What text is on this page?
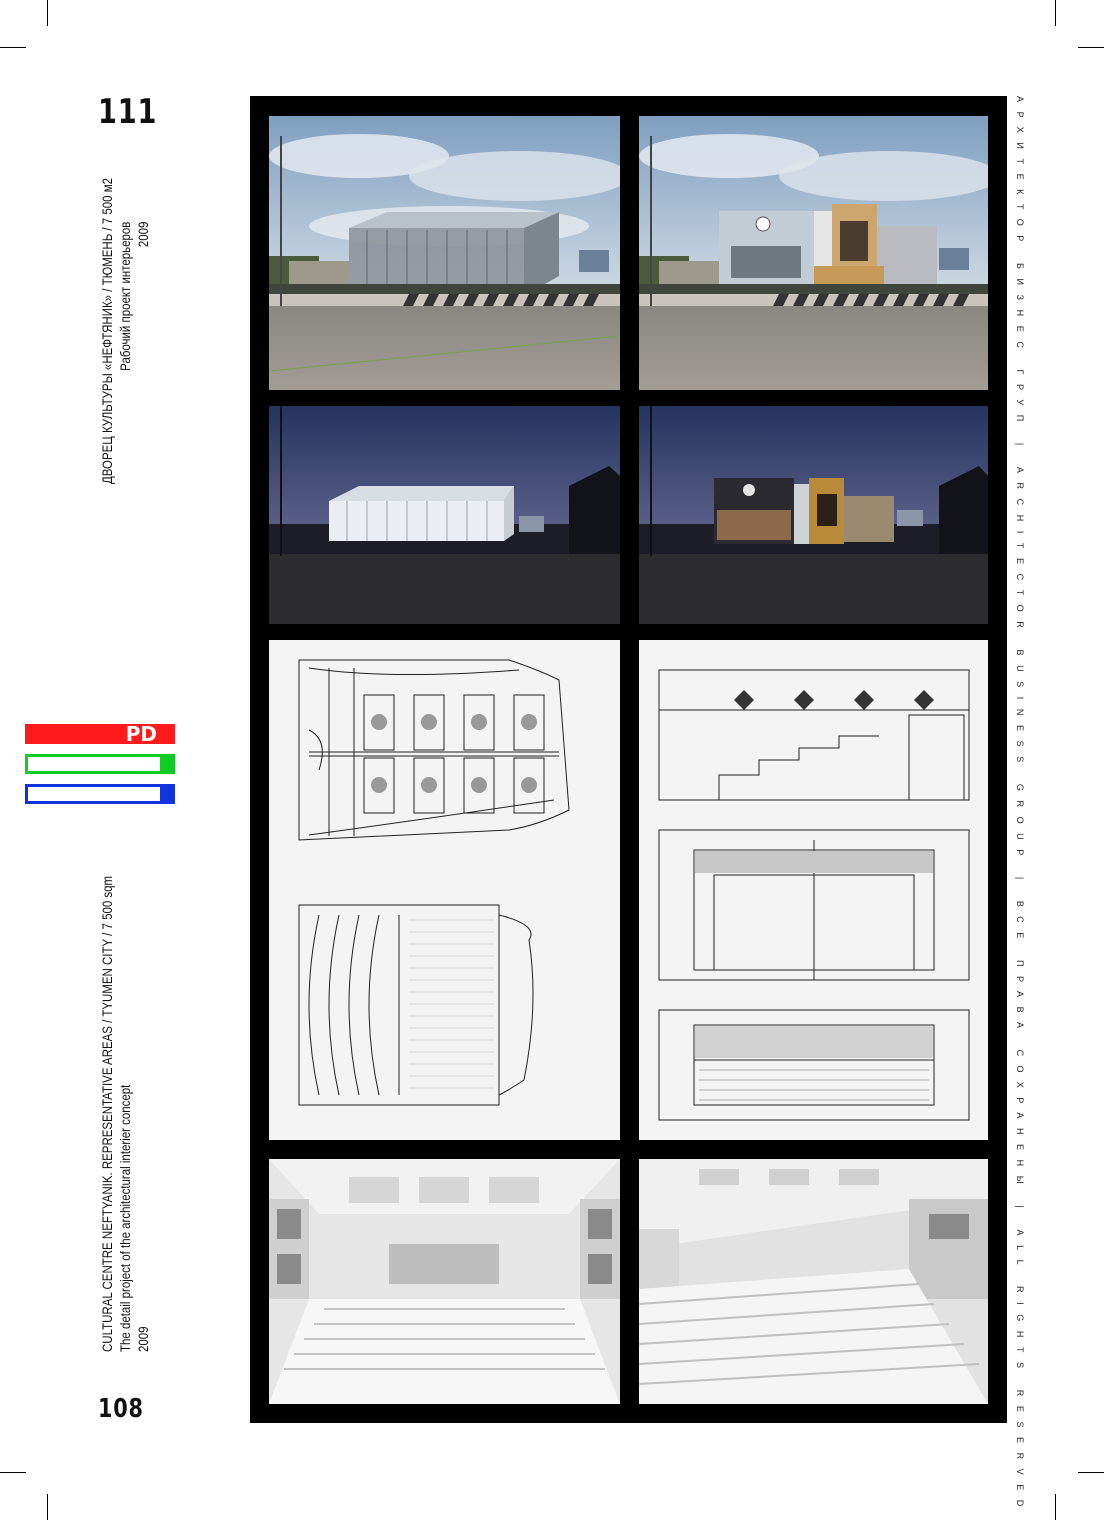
111
ДВОРЕЦ КУЛЬТУРЫ «НЕФТЯНИК» / ТЮМЕНЬ / 7 500 м2 Рабочий проект интерьеров 2009
PD
CULTURAL CENTRE NEFTYANIK. REPRESENTATIVE AREAS / TYUMEN CITY / 7 500 sqm The detail project of the architectural interier concept 2009
108	АРХИТЕКТОР БИЗНЕС ГРУП | ARCHITECTOR BUSINESS GROUP | ВСЕ ПРАВА СОХРАНЕНЫ | ALL RIGHTS RESERVED
